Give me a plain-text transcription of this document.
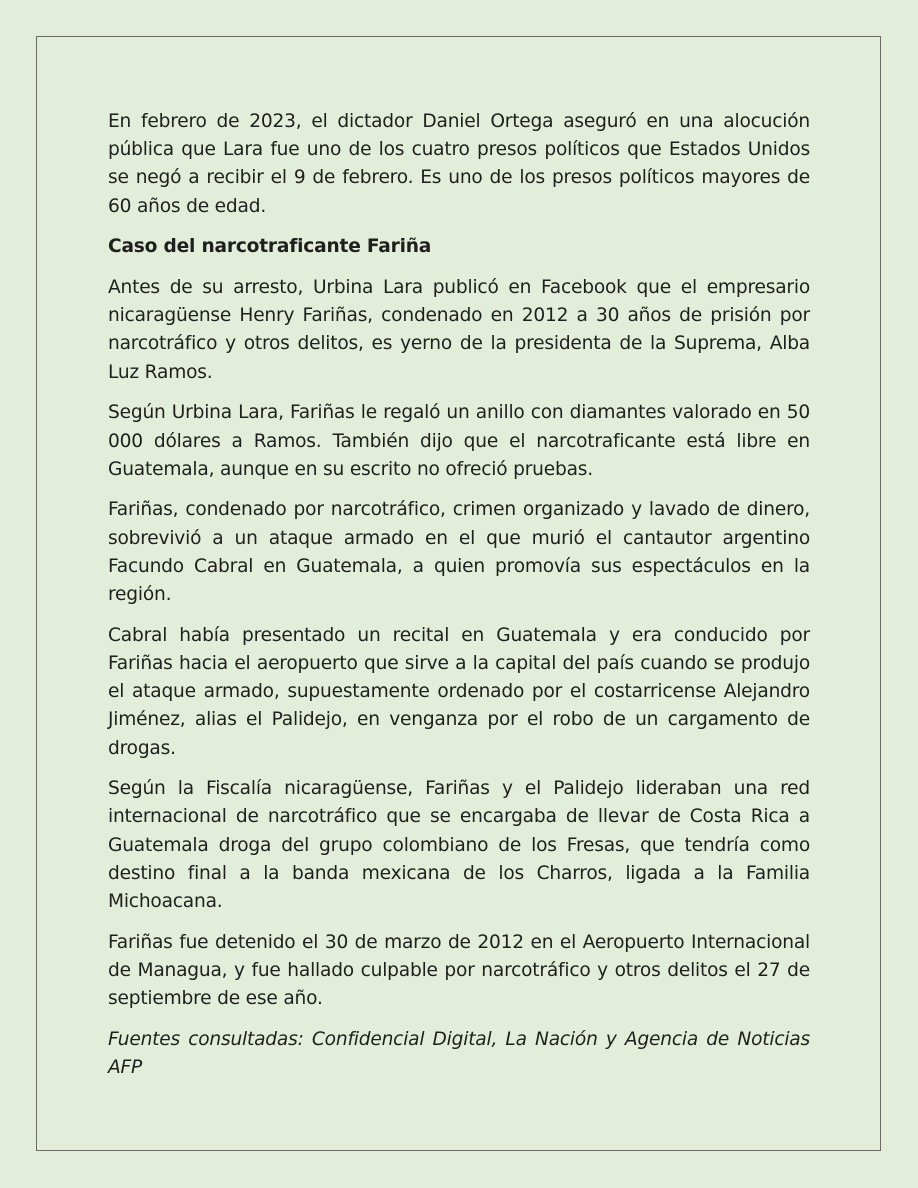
En febrero de 2023, el dictador Daniel Ortega aseguró en una alocución pública que Lara fue uno de los cuatro presos políticos que Estados Unidos se negó a recibir el 9 de febrero. Es uno de los presos políticos mayores de 60 años de edad.

Caso del narcotraficante Fariña

Antes de su arresto, Urbina Lara publicó en Facebook que el empresario nicaragüense Henry Fariñas, condenado en 2012 a 30 años de prisión por narcotráfico y otros delitos, es yerno de la presidenta de la Suprema, Alba Luz Ramos.

Según Urbina Lara, Fariñas le regaló un anillo con diamantes valorado en 50 000 dólares a Ramos. También dijo que el narcotraficante está libre en Guatemala, aunque en su escrito no ofreció pruebas.

Fariñas, condenado por narcotráfico, crimen organizado y lavado de dinero, sobrevivió a un ataque armado en el que murió el cantautor argentino Facundo Cabral en Guatemala, a quien promovía sus espectáculos en la región.

Cabral había presentado un recital en Guatemala y era conducido por Fariñas hacia el aeropuerto que sirve a la capital del país cuando se produjo el ataque armado, supuestamente ordenado por el costarricense Alejandro Jiménez, alias el Palidejo, en venganza por el robo de un cargamento de drogas.

Según la Fiscalía nicaragüense, Fariñas y el Palidejo lideraban una red internacional de narcotráfico que se encargaba de llevar de Costa Rica a Guatemala droga del grupo colombiano de los Fresas, que tendría como destino final a la banda mexicana de los Charros, ligada a la Familia Michoacana.

Fariñas fue detenido el 30 de marzo de 2012 en el Aeropuerto Internacional de Managua, y fue hallado culpable por narcotráfico y otros delitos el 27 de septiembre de ese año.

Fuentes consultadas: Confidencial Digital, La Nación y Agencia de Noticias AFP
